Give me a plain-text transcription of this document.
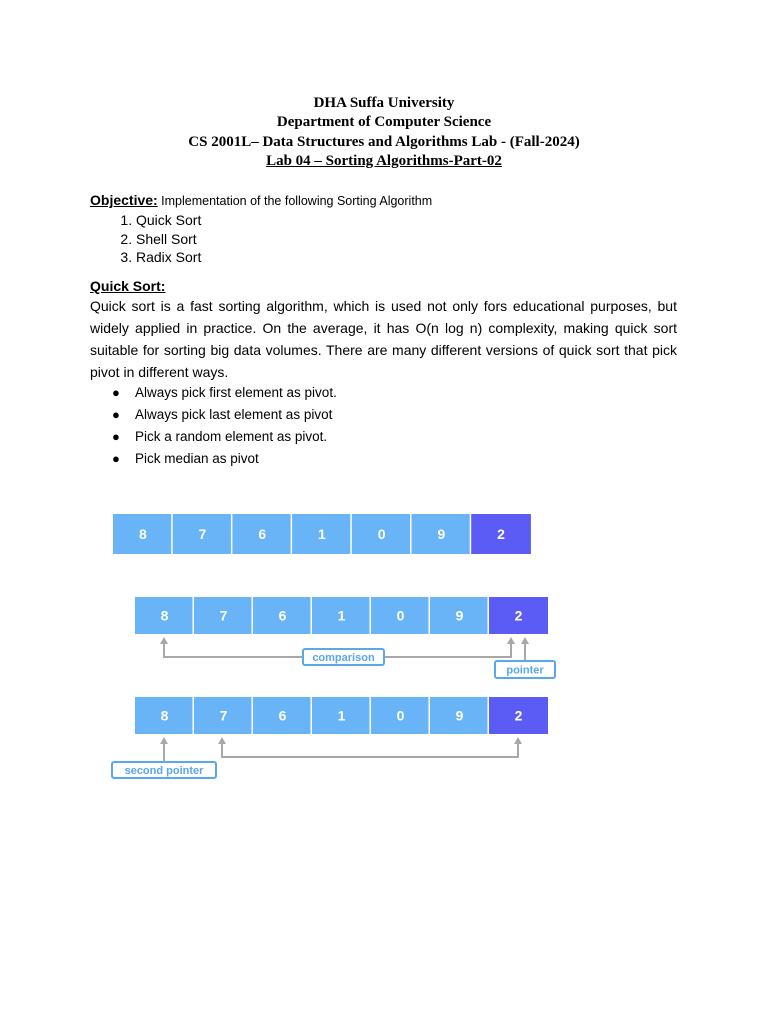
DHA Suffa University
Department of Computer Science
CS 2001L– Data Structures and Algorithms Lab - (Fall-2024)
Lab 04 – Sorting Algorithms-Part-02
Objective: Implementation of the following Sorting Algorithm
1. Quick Sort
2. Shell Sort
3. Radix Sort
Quick Sort:

Quick sort is a fast sorting algorithm, which is used not only fors educational purposes, but widely applied in practice. On the average, it has O(n log n) complexity, making quick sort suitable for sorting big data volumes. There are many different versions of quick sort that pick pivot in different ways.

● Always pick first element as pivot.
● Always pick last element as pivot
● Pick a random element as pivot.
● Pick median as pivot
8	7	6	1	0	9	2
8	7	6	1	0	9	2
8	7	6	1	0	9	2
comparison
pointer
second pointer
